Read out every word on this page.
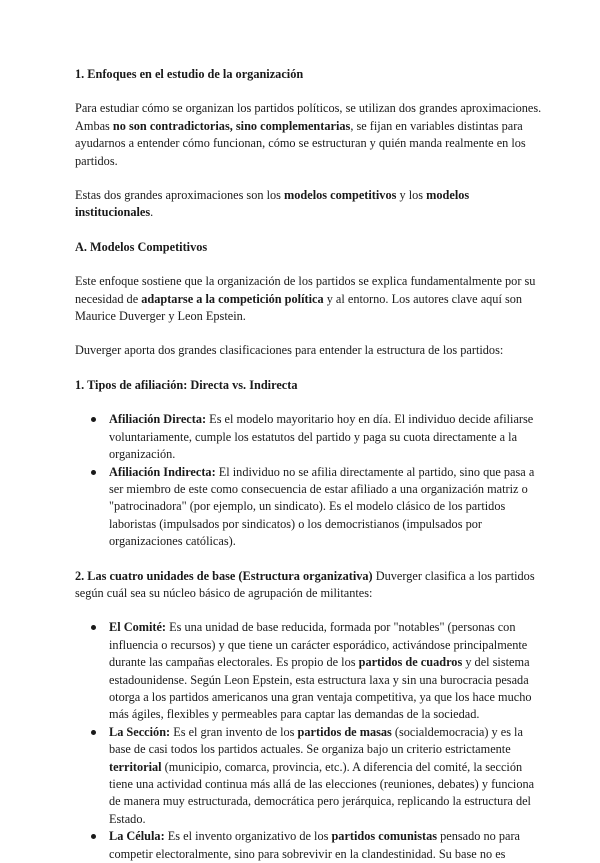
1. Enfoques en el estudio de la organización

Para estudiar cómo se organizan los partidos políticos, se utilizan dos grandes aproximaciones. Ambas no son contradictorias, sino complementarias, se fijan en variables distintas para ayudarnos a entender cómo funcionan, cómo se estructuran y quién manda realmente en los partidos.

Estas dos grandes aproximaciones son los modelos competitivos y los modelos institucionales.

A. Modelos Competitivos

Este enfoque sostiene que la organización de los partidos se explica fundamentalmente por su necesidad de adaptarse a la competición política y al entorno. Los autores clave aquí son Maurice Duverger y Leon Epstein.

Duverger aporta dos grandes clasificaciones para entender la estructura de los partidos:

1. Tipos de afiliación: Directa vs. Indirecta

Afiliación Directa: Es el modelo mayoritario hoy en día. El individuo decide afiliarse voluntariamente, cumple los estatutos del partido y paga su cuota directamente a la organización.
Afiliación Indirecta: El individuo no se afilia directamente al partido, sino que pasa a ser miembro de este como consecuencia de estar afiliado a una organización matriz o "patrocinadora" (por ejemplo, un sindicato). Es el modelo clásico de los partidos laboristas (impulsados por sindicatos) o los democristianos (impulsados por organizaciones católicas).

2. Las cuatro unidades de base (Estructura organizativa) Duverger clasifica a los partidos según cuál sea su núcleo básico de agrupación de militantes:

El Comité: Es una unidad de base reducida, formada por "notables" (personas con influencia o recursos) y que tiene un carácter esporádico, activándose principalmente durante las campañas electorales. Es propio de los partidos de cuadros y del sistema estadounidense. Según Leon Epstein, esta estructura laxa y sin una burocracia pesada otorga a los partidos americanos una gran ventaja competitiva, ya que los hace mucho más ágiles, flexibles y permeables para captar las demandas de la sociedad.
La Sección: Es el gran invento de los partidos de masas (socialdemocracia) y es la base de casi todos los partidos actuales. Se organiza bajo un criterio estrictamente territorial (municipio, comarca, provincia, etc.). A diferencia del comité, la sección tiene una actividad continua más allá de las elecciones (reuniones, debates) y funciona de manera muy estructurada, democrática pero jerárquica, replicando la estructura del Estado.
La Célula: Es el invento organizativo de los partidos comunistas pensado no para competir electoralmente, sino para sobrevivir en la clandestinidad. Su base no es
